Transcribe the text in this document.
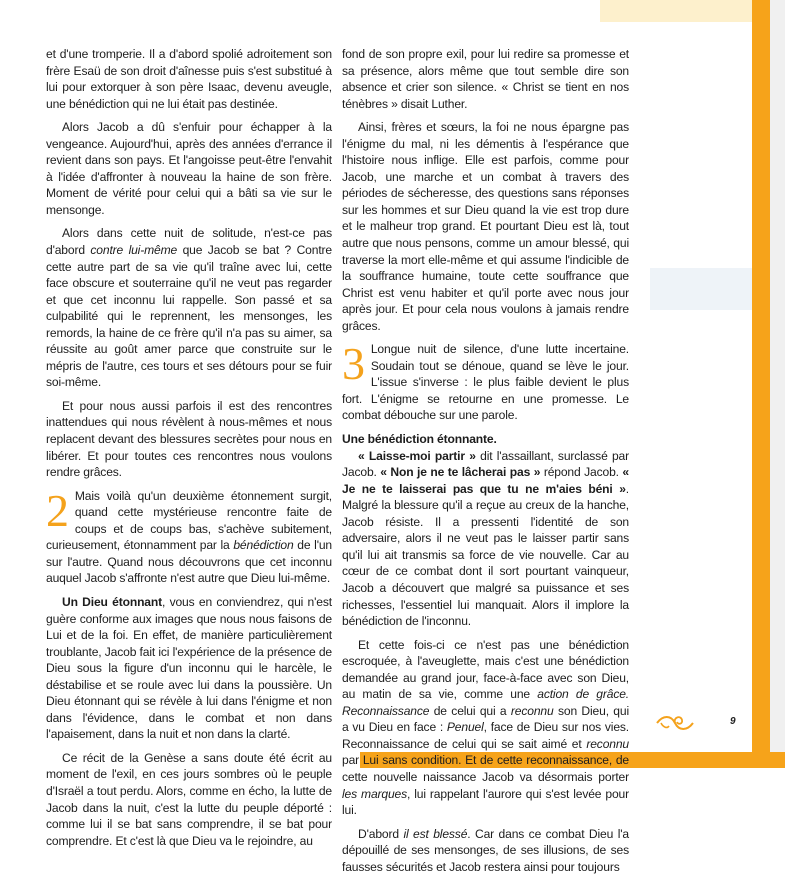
et d'une tromperie. Il a d'abord spolié adroitement son frère Esaü de son droit d'aînesse puis s'est substitué à lui pour extorquer à son père Isaac, devenu aveugle, une bénédiction qui ne lui était pas destinée.

Alors Jacob a dû s'enfuir pour échapper à la vengeance. Aujourd'hui, après des années d'errance il revient dans son pays. Et l'angoisse peut-être l'envahit à l'idée d'affronter à nouveau la haine de son frère. Moment de vérité pour celui qui a bâti sa vie sur le mensonge.

Alors dans cette nuit de solitude, n'est-ce pas d'abord contre lui-même que Jacob se bat ? Contre cette autre part de sa vie qu'il traîne avec lui, cette face obscure et souterraine qu'il ne veut pas regarder et que cet inconnu lui rappelle. Son passé et sa culpabilité qui le reprennent, les mensonges, les remords, la haine de ce frère qu'il n'a pas su aimer, sa réussite au goût amer parce que construite sur le mépris de l'autre, ces tours et ses détours pour se fuir soi-même.

Et pour nous aussi parfois il est des rencontres inattendues qui nous révèlent à nous-mêmes et nous replacent devant des blessures secrètes pour nous en libérer. Et pour toutes ces rencontres nous voulons rendre grâces.

2 Mais voilà qu'un deuxième étonnement surgit, quand cette mystérieuse rencontre faite de coups et de coups bas, s'achève subitement, curieusement, étonnamment par la bénédiction de l'un sur l'autre. Quand nous découvrons que cet inconnu auquel Jacob s'affronte n'est autre que Dieu lui-même.

Un Dieu étonnant, vous en conviendrez, qui n'est guère conforme aux images que nous nous faisons de Lui et de la foi. En effet, de manière particulièrement troublante, Jacob fait ici l'expérience de la présence de Dieu sous la figure d'un inconnu qui le harcèle, le déstabilise et se roule avec lui dans la poussière. Un Dieu étonnant qui se révèle à lui dans l'énigme et non dans l'évidence, dans le combat et non dans l'apaisement, dans la nuit et non dans la clarté.

Ce récit de la Genèse a sans doute été écrit au moment de l'exil, en ces jours sombres où le peuple d'Israël a tout perdu. Alors, comme en écho, la lutte de Jacob dans la nuit, c'est la lutte du peuple déporté : comme lui il se bat sans comprendre, il se bat pour comprendre. Et c'est là que Dieu va le rejoindre, au

fond de son propre exil, pour lui redire sa promesse et sa présence, alors même que tout semble dire son absence et crier son silence. « Christ se tient en nos ténèbres » disait Luther.

Ainsi, frères et sœurs, la foi ne nous épargne pas l'énigme du mal, ni les démentis à l'espérance que l'histoire nous inflige. Elle est parfois, comme pour Jacob, une marche et un combat à travers des périodes de sécheresse, des questions sans réponses sur les hommes et sur Dieu quand la vie est trop dure et le malheur trop grand. Et pourtant Dieu est là, tout autre que nous pensons, comme un amour blessé, qui traverse la mort elle-même et qui assume l'indicible de la souffrance humaine, toute cette souffrance que Christ est venu habiter et qu'il porte avec nous jour après jour. Et pour cela nous voulons à jamais rendre grâces.

3 Longue nuit de silence, d'une lutte incertaine. Soudain tout se dénoue, quand se lève le jour. L'issue s'inverse : le plus faible devient le plus fort. L'énigme se retourne en une promesse. Le combat débouche sur une parole.

Une bénédiction étonnante.

« Laisse-moi partir » dit l'assaillant, surclassé par Jacob. « Non je ne te lâcherai pas » répond Jacob. « Je ne te laisserai pas que tu ne m'aies béni ». Malgré la blessure qu'il a reçue au creux de la hanche, Jacob résiste. Il a pressenti l'identité de son adversaire, alors il ne veut pas le laisser partir sans qu'il lui ait transmis sa force de vie nouvelle. Car au cœur de ce combat dont il sort pourtant vainqueur, Jacob a découvert que malgré sa puissance et ses richesses, l'essentiel lui manquait. Alors il implore la bénédiction de l'inconnu.

Et cette fois-ci ce n'est pas une bénédiction escroquée, à l'aveuglette, mais c'est une bénédiction demandée au grand jour, face-à-face avec son Dieu, au matin de sa vie, comme une action de grâce. Reconnaissance de celui qui a reconnu son Dieu, qui a vu Dieu en face : Penuel, face de Dieu sur nos vies. Reconnaissance de celui qui se sait aimé et reconnu par Lui sans condition. Et de cette reconnaissance, de cette nouvelle naissance Jacob va désormais porter les marques, lui rappelant l'aurore qui s'est levée pour lui.

D'abord il est blessé. Car dans ce combat Dieu l'a dépouillé de ses mensonges, de ses illusions, de ses fausses sécurités et Jacob restera ainsi pour toujours

9
